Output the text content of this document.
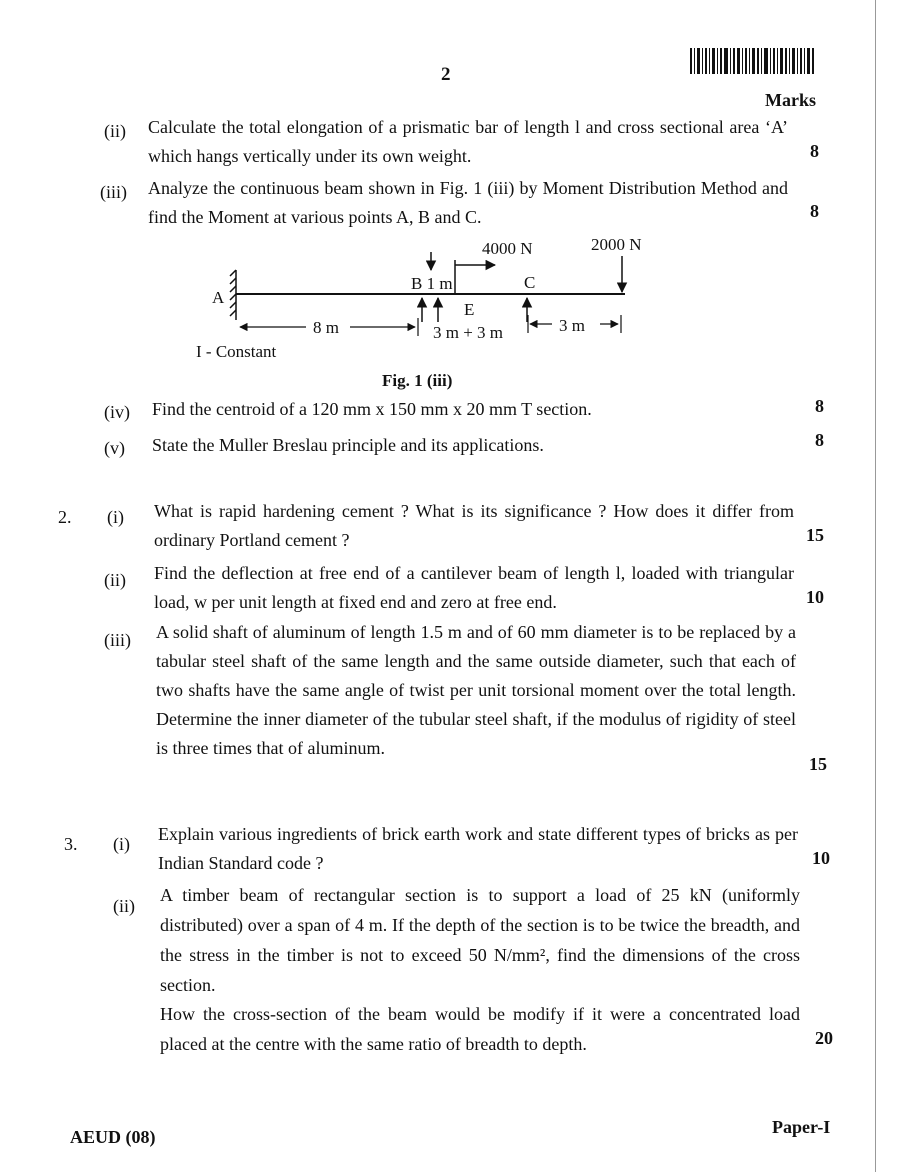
2
Marks
(ii) Calculate the total elongation of a prismatic bar of length l and cross sectional area ‘A’ which hangs vertically under its own weight.	8
(iii) Analyze the continuous beam shown in Fig. 1 (iii) by Moment Distribution Method and find the Moment at various points A, B and C.	8
4000 N	2000 N
A
B 1 m	C
E
8 m	3 m + 3 m	3 m
I - Constant
Fig. 1 (iii)
(iv) Find the centroid of a 120 mm x 150 mm x 20 mm T section.	8
(v) State the Muller Breslau principle and its applications.	8
2. (i) What is rapid hardening cement ? What is its significance ? How does it differ from ordinary Portland cement ?	15
(ii) Find the deflection at free end of a cantilever beam of length l, loaded with triangular load, w per unit length at fixed end and zero at free end.	10
(iii) A solid shaft of aluminum of length 1.5 m and of 60 mm diameter is to be replaced by a tabular steel shaft of the same length and the same outside diameter, such that each of two shafts have the same angle of twist per unit torsional moment over the total length. Determine the inner diameter of the tubular steel shaft, if the modulus of rigidity of steel is three times that of aluminum.
15
3. (i) Explain various ingredients of brick earth work and state different types of bricks as per Indian Standard code ?	10
(ii)
A timber beam of rectangular section is to support a load of 25 kN (uniformly distributed) over a span of 4 m. If the depth of the section is to be twice the breadth, and the stress in the timber is not to exceed 50 N/mm², find the dimensions of the cross section.
How the cross-section of the beam would be modify if it were a concentrated load placed at the centre with the same ratio of breadth to depth.	20
AEUD (08)	Paper-I
